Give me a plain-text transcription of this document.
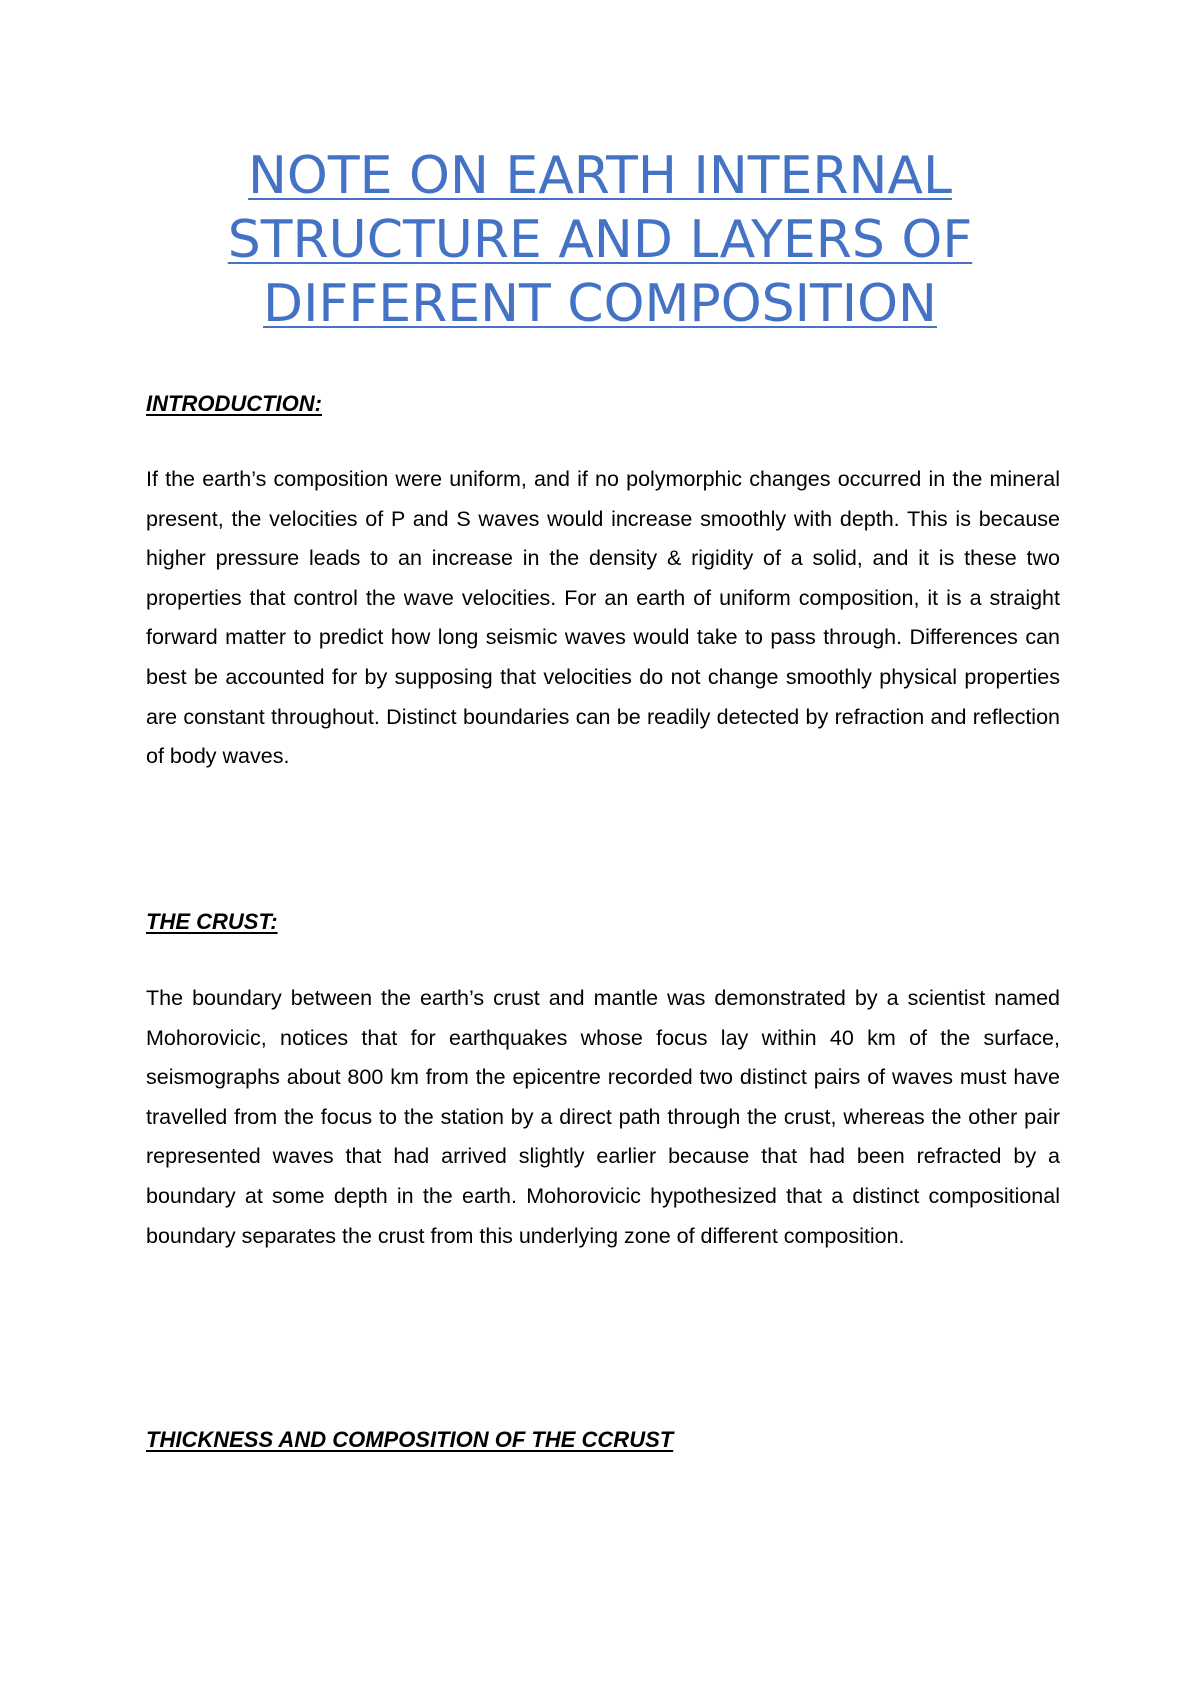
NOTE ON EARTH INTERNAL
STRUCTURE AND LAYERS OF
DIFFERENT COMPOSITION
INTRODUCTION:

If the earth’s composition were uniform, and if no polymorphic changes occurred in the mineral present, the velocities of P and S waves would increase smoothly with depth. This is because higher pressure leads to an increase in the density & rigidity of a solid, and it is these two properties that control the wave velocities. For an earth of uniform composition, it is a straight forward matter to predict how long seismic waves would take to pass through. Differences can best be accounted for by supposing that velocities do not change smoothly physical properties are constant throughout. Distinct boundaries can be readily detected by refraction and reflection of body waves.

THE CRUST:

The boundary between the earth’s crust and mantle was demonstrated by a scientist named Mohorovicic, notices that for earthquakes whose focus lay within 40 km of the surface, seismographs about 800 km from the epicentre recorded two distinct pairs of waves must have travelled from the focus to the station by a direct path through the crust, whereas the other pair represented waves that had arrived slightly earlier because that had been refracted by a boundary at some depth in the earth. Mohorovicic hypothesized that a distinct compositional boundary separates the crust from this underlying zone of different composition.

THICKNESS AND COMPOSITION OF THE CCRUST
